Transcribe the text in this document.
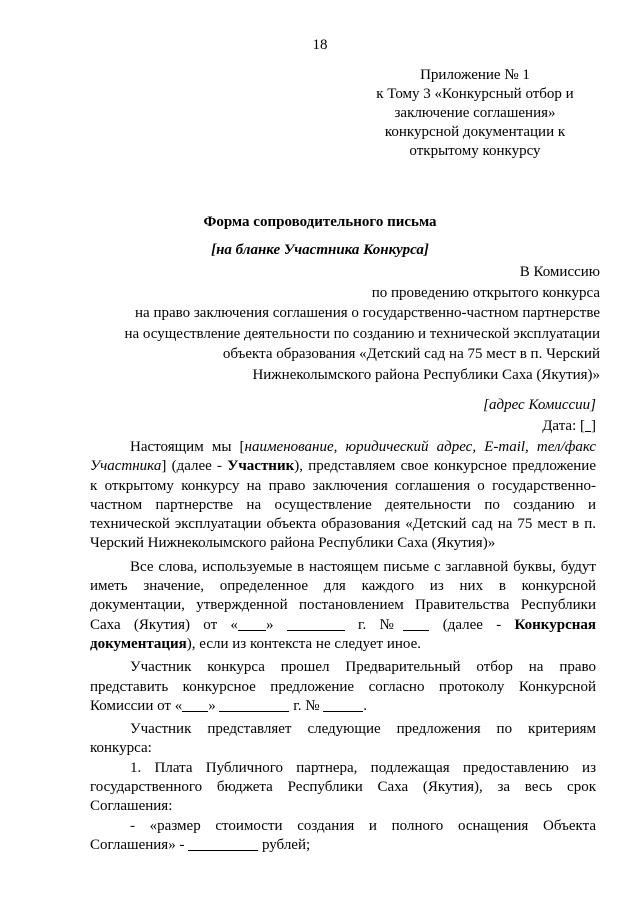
18
Приложение № 1
к Тому 3 «Конкурсный отбор и
заключение соглашения»
конкурсной документации к
открытому конкурсу
Форма сопроводительного письма
[на бланке Участника Конкурса]
В Комиссию
по проведению открытого конкурса
на право заключения соглашения о государственно-частном партнерстве
на осуществление деятельности по созданию и технической эксплуатации
объекта образования «Детский сад на 75 мест в п. Черский
Нижнеколымского района Республики Саха (Якутия)»
[адрес Комиссии]
Дата: [ ]

Настоящим мы [наименование, юридический адрес, E-mail, тел/факс Участника] (далее - Участник), представляем свое конкурсное предложение к открытому конкурсу на право заключения соглашения о государственно-частном партнерстве на осуществление деятельности по созданию и технической эксплуатации объекта образования «Детский сад на 75 мест в п. Черский Нижнеколымского района Республики Саха (Якутия)»

Все слова, используемые в настоящем письме с заглавной буквы, будут иметь значение, определенное для каждого из них в конкурсной документации, утвержденной постановлением Правительства Республики Саха (Якутия) от « »	г. № (далее - Конкурсная документация), если из контекста не следует иное.

Участник конкурса прошел Предварительный отбор на право представить конкурсное предложение согласно протоколу Конкурсной Комиссии от « »	г. №	.

Участник представляет следующие предложения по критериям конкурса:

1. Плата Публичного партнера, подлежащая предоставлению из государственного бюджета Республики Саха (Якутия), за весь срок Соглашения:

- «размер стоимости создания и полного оснащения Объекта Соглашения» -	рублей;
